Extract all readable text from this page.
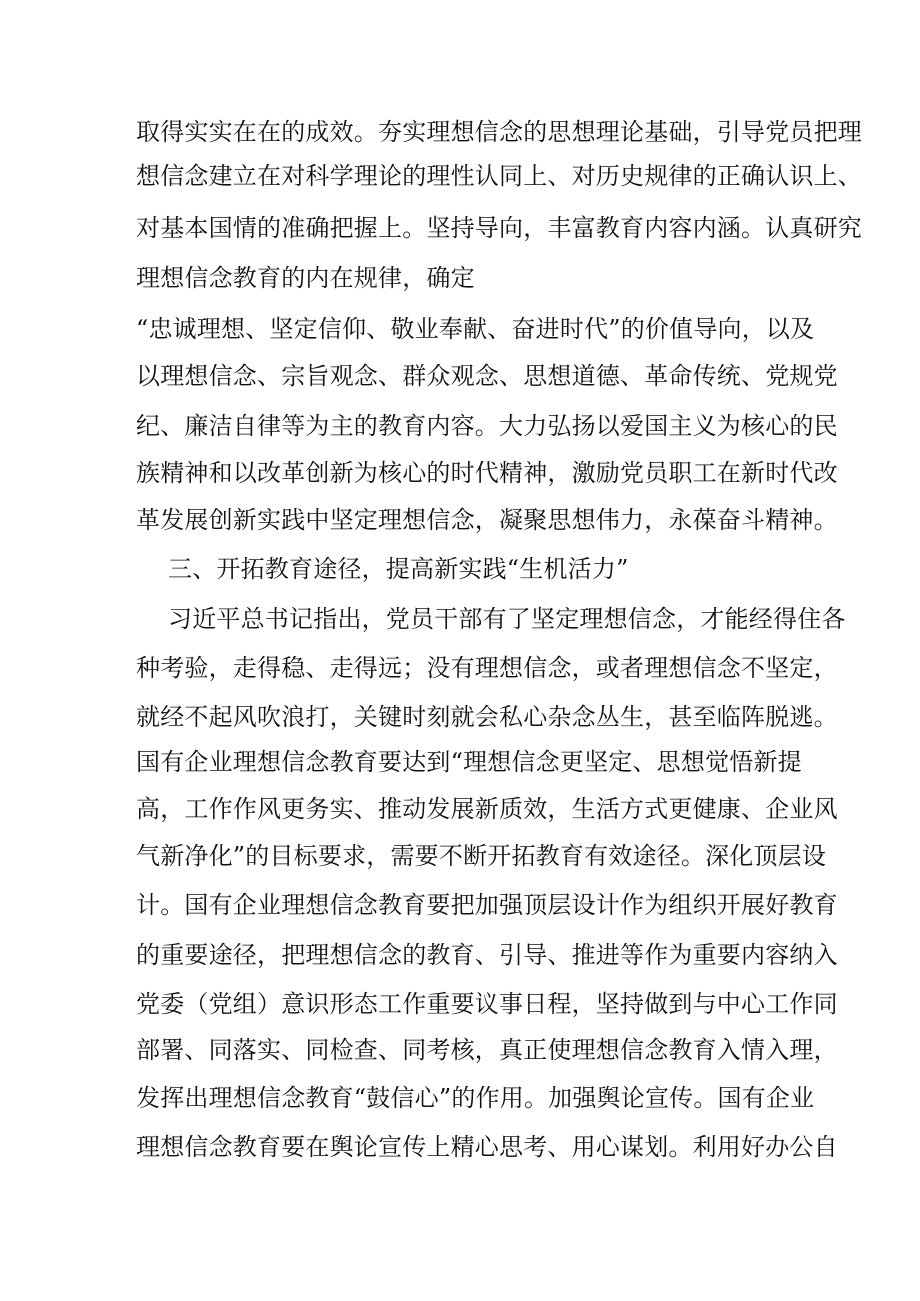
取得实实在在的成效。夯实理想信念的思想理论基础，引导党员把理
想信念建立在对科学理论的理性认同上、对历史规律的正确认识上、
对基本国情的准确把握上。坚持导向，丰富教育内容内涵。认真研究
理想信念教育的内在规律，确定
“忠诚理想、坚定信仰、敬业奉献、奋进时代”的价值导向，以及
以理想信念、宗旨观念、群众观念、思想道德、革命传统、党规党
纪、廉洁自律等为主的教育内容。大力弘扬以爱国主义为核心的民
族精神和以改革创新为核心的时代精神，激励党员职工在新时代改
革发展创新实践中坚定理想信念，凝聚思想伟力，永葆奋斗精神。
三、开拓教育途径，提高新实践“生机活力”
习近平总书记指出，党员干部有了坚定理想信念，才能经得住各
种考验，走得稳、走得远；没有理想信念，或者理想信念不坚定，
就经不起风吹浪打，关键时刻就会私心杂念丛生，甚至临阵脱逃。
国有企业理想信念教育要达到“理想信念更坚定、思想觉悟新提
高，工作作风更务实、推动发展新质效，生活方式更健康、企业风
气新净化”的目标要求，需要不断开拓教育有效途径。深化顶层设
计。国有企业理想信念教育要把加强顶层设计作为组织开展好教育
的重要途径，把理想信念的教育、引导、推进等作为重要内容纳入
党委（党组）意识形态工作重要议事日程，坚持做到与中心工作同
部署、同落实、同检查、同考核，真正使理想信念教育入情入理，
发挥出理想信念教育“鼓信心”的作用。加强舆论宣传。国有企业
理想信念教育要在舆论宣传上精心思考、用心谋划。利用好办公自
